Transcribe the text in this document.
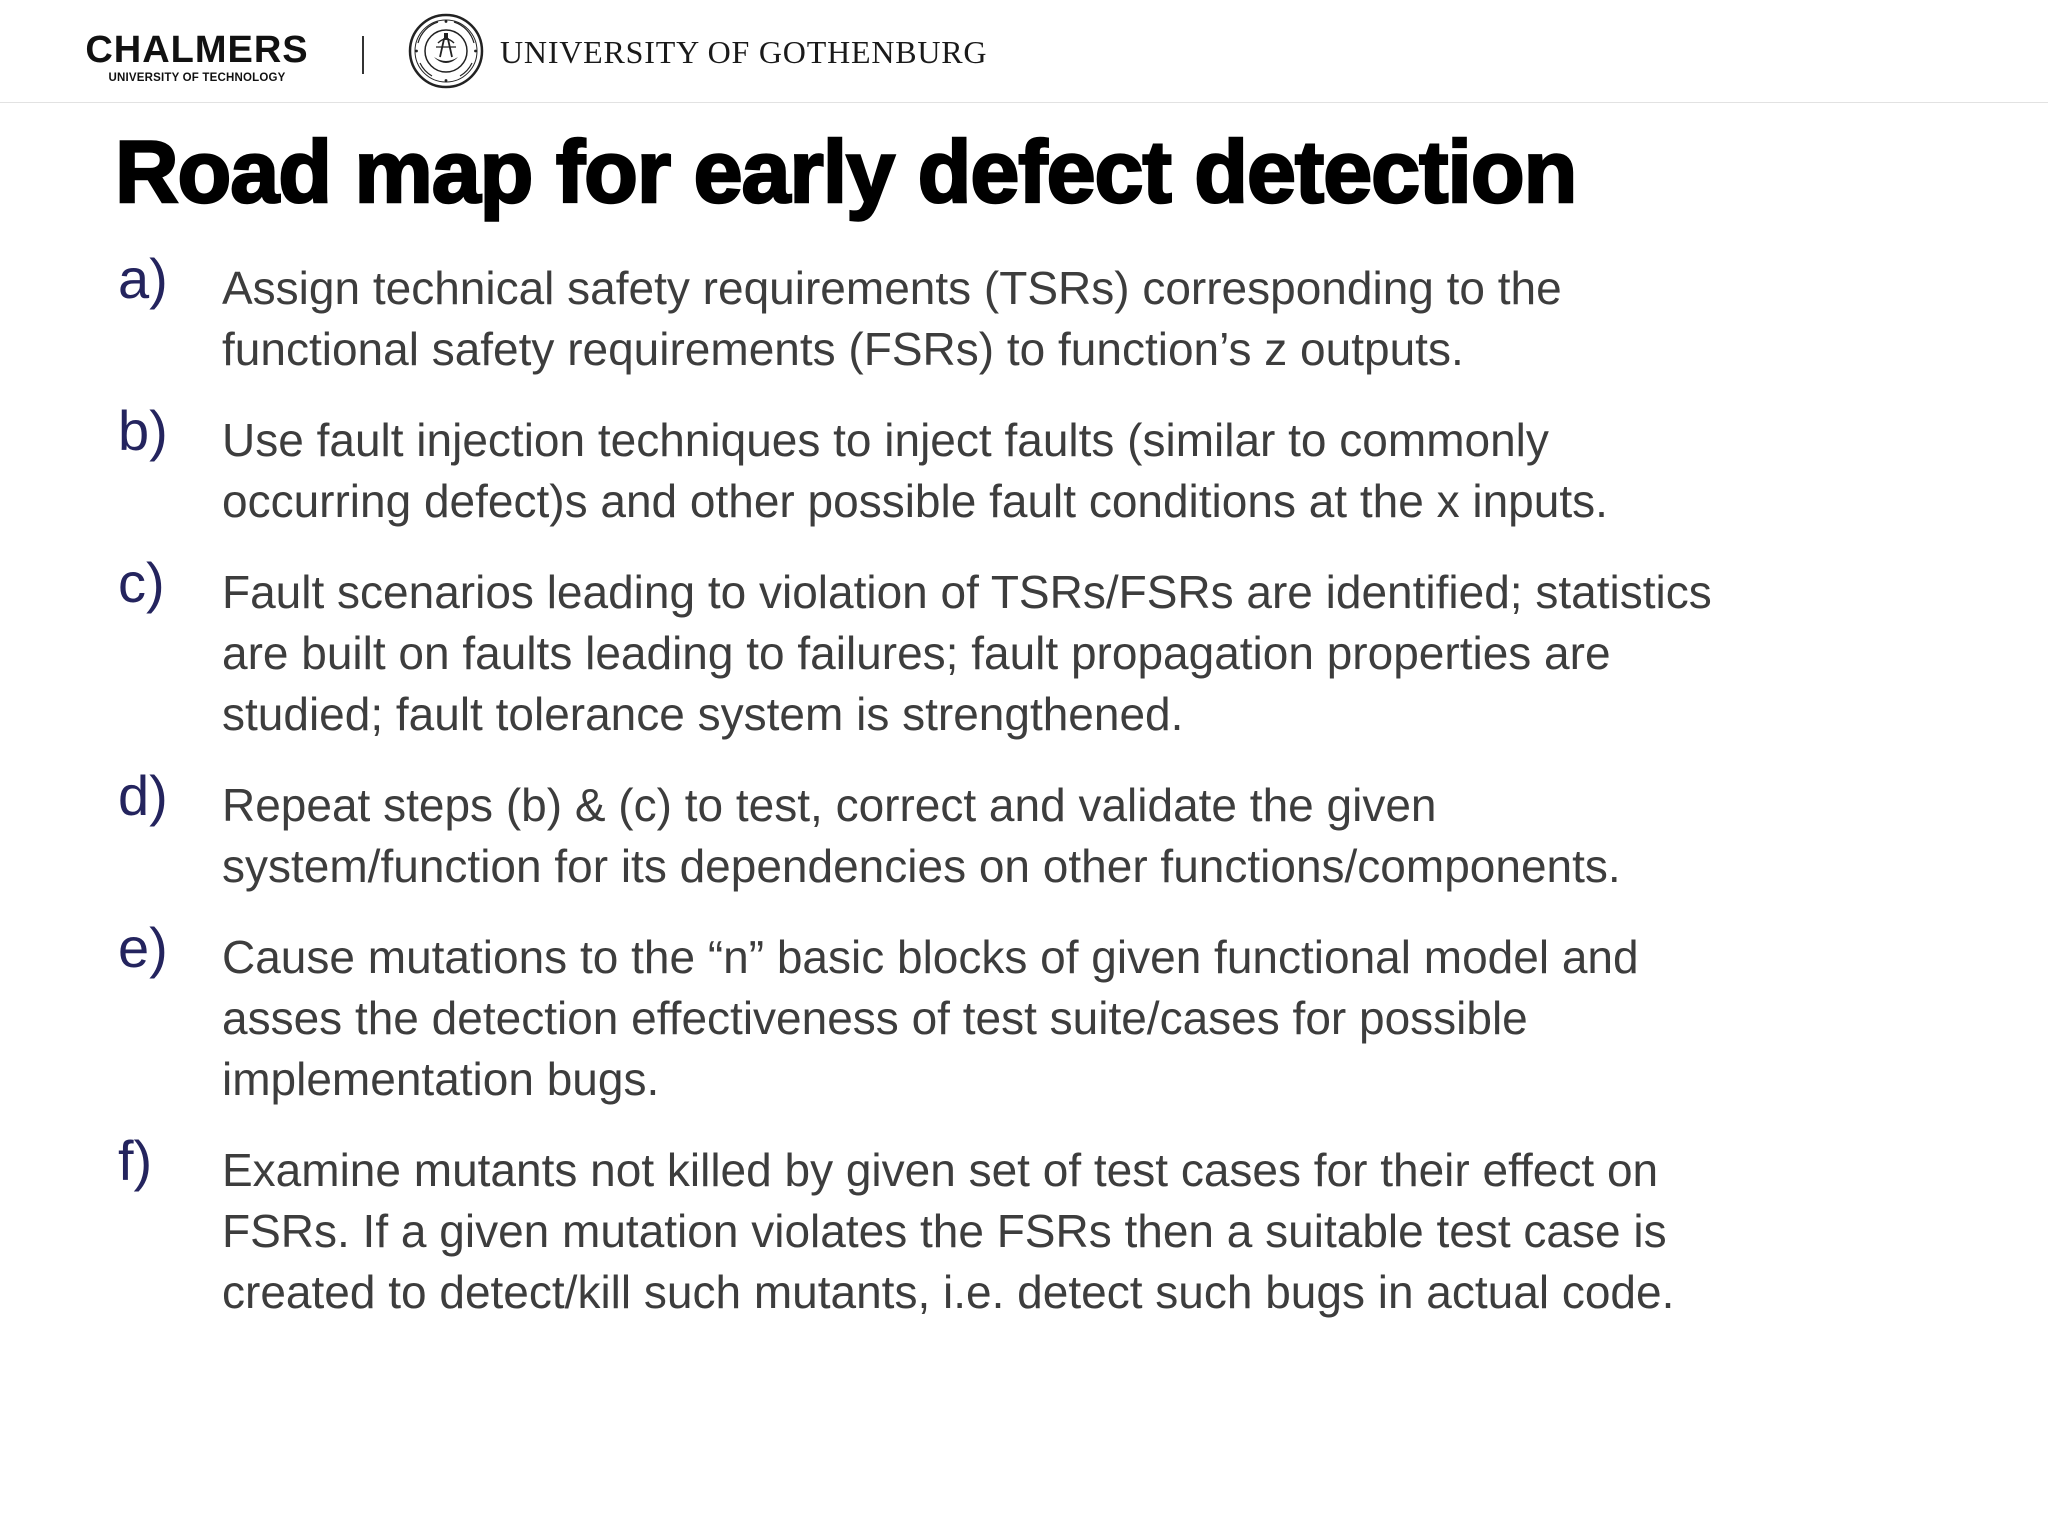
CHALMERS
UNIVERSITY OF TECHNOLOGY
UNIVERSITY OF GOTHENBURG
Road map for early defect detection
a) Assign technical safety requirements (TSRs) corresponding to the
functional safety requirements (FSRs) to function’s z outputs.
b) Use fault injection techniques to inject faults (similar to commonly
occurring defect)s and other possible fault conditions at the x inputs.
c) Fault scenarios leading to violation of TSRs/FSRs are identified; statistics
are built on faults leading to failures; fault propagation properties are
studied; fault tolerance system is strengthened.
d) Repeat steps (b) & (c) to test, correct and validate the given
system/function for its dependencies on other functions/components.
e) Cause mutations to the “n” basic blocks of given functional model and
asses the detection effectiveness of test suite/cases for possible
implementation bugs.
f) Examine mutants not killed by given set of test cases for their effect on
FSRs. If a given mutation violates the FSRs then a suitable test case is
created to detect/kill such mutants, i.e. detect such bugs in actual code.
